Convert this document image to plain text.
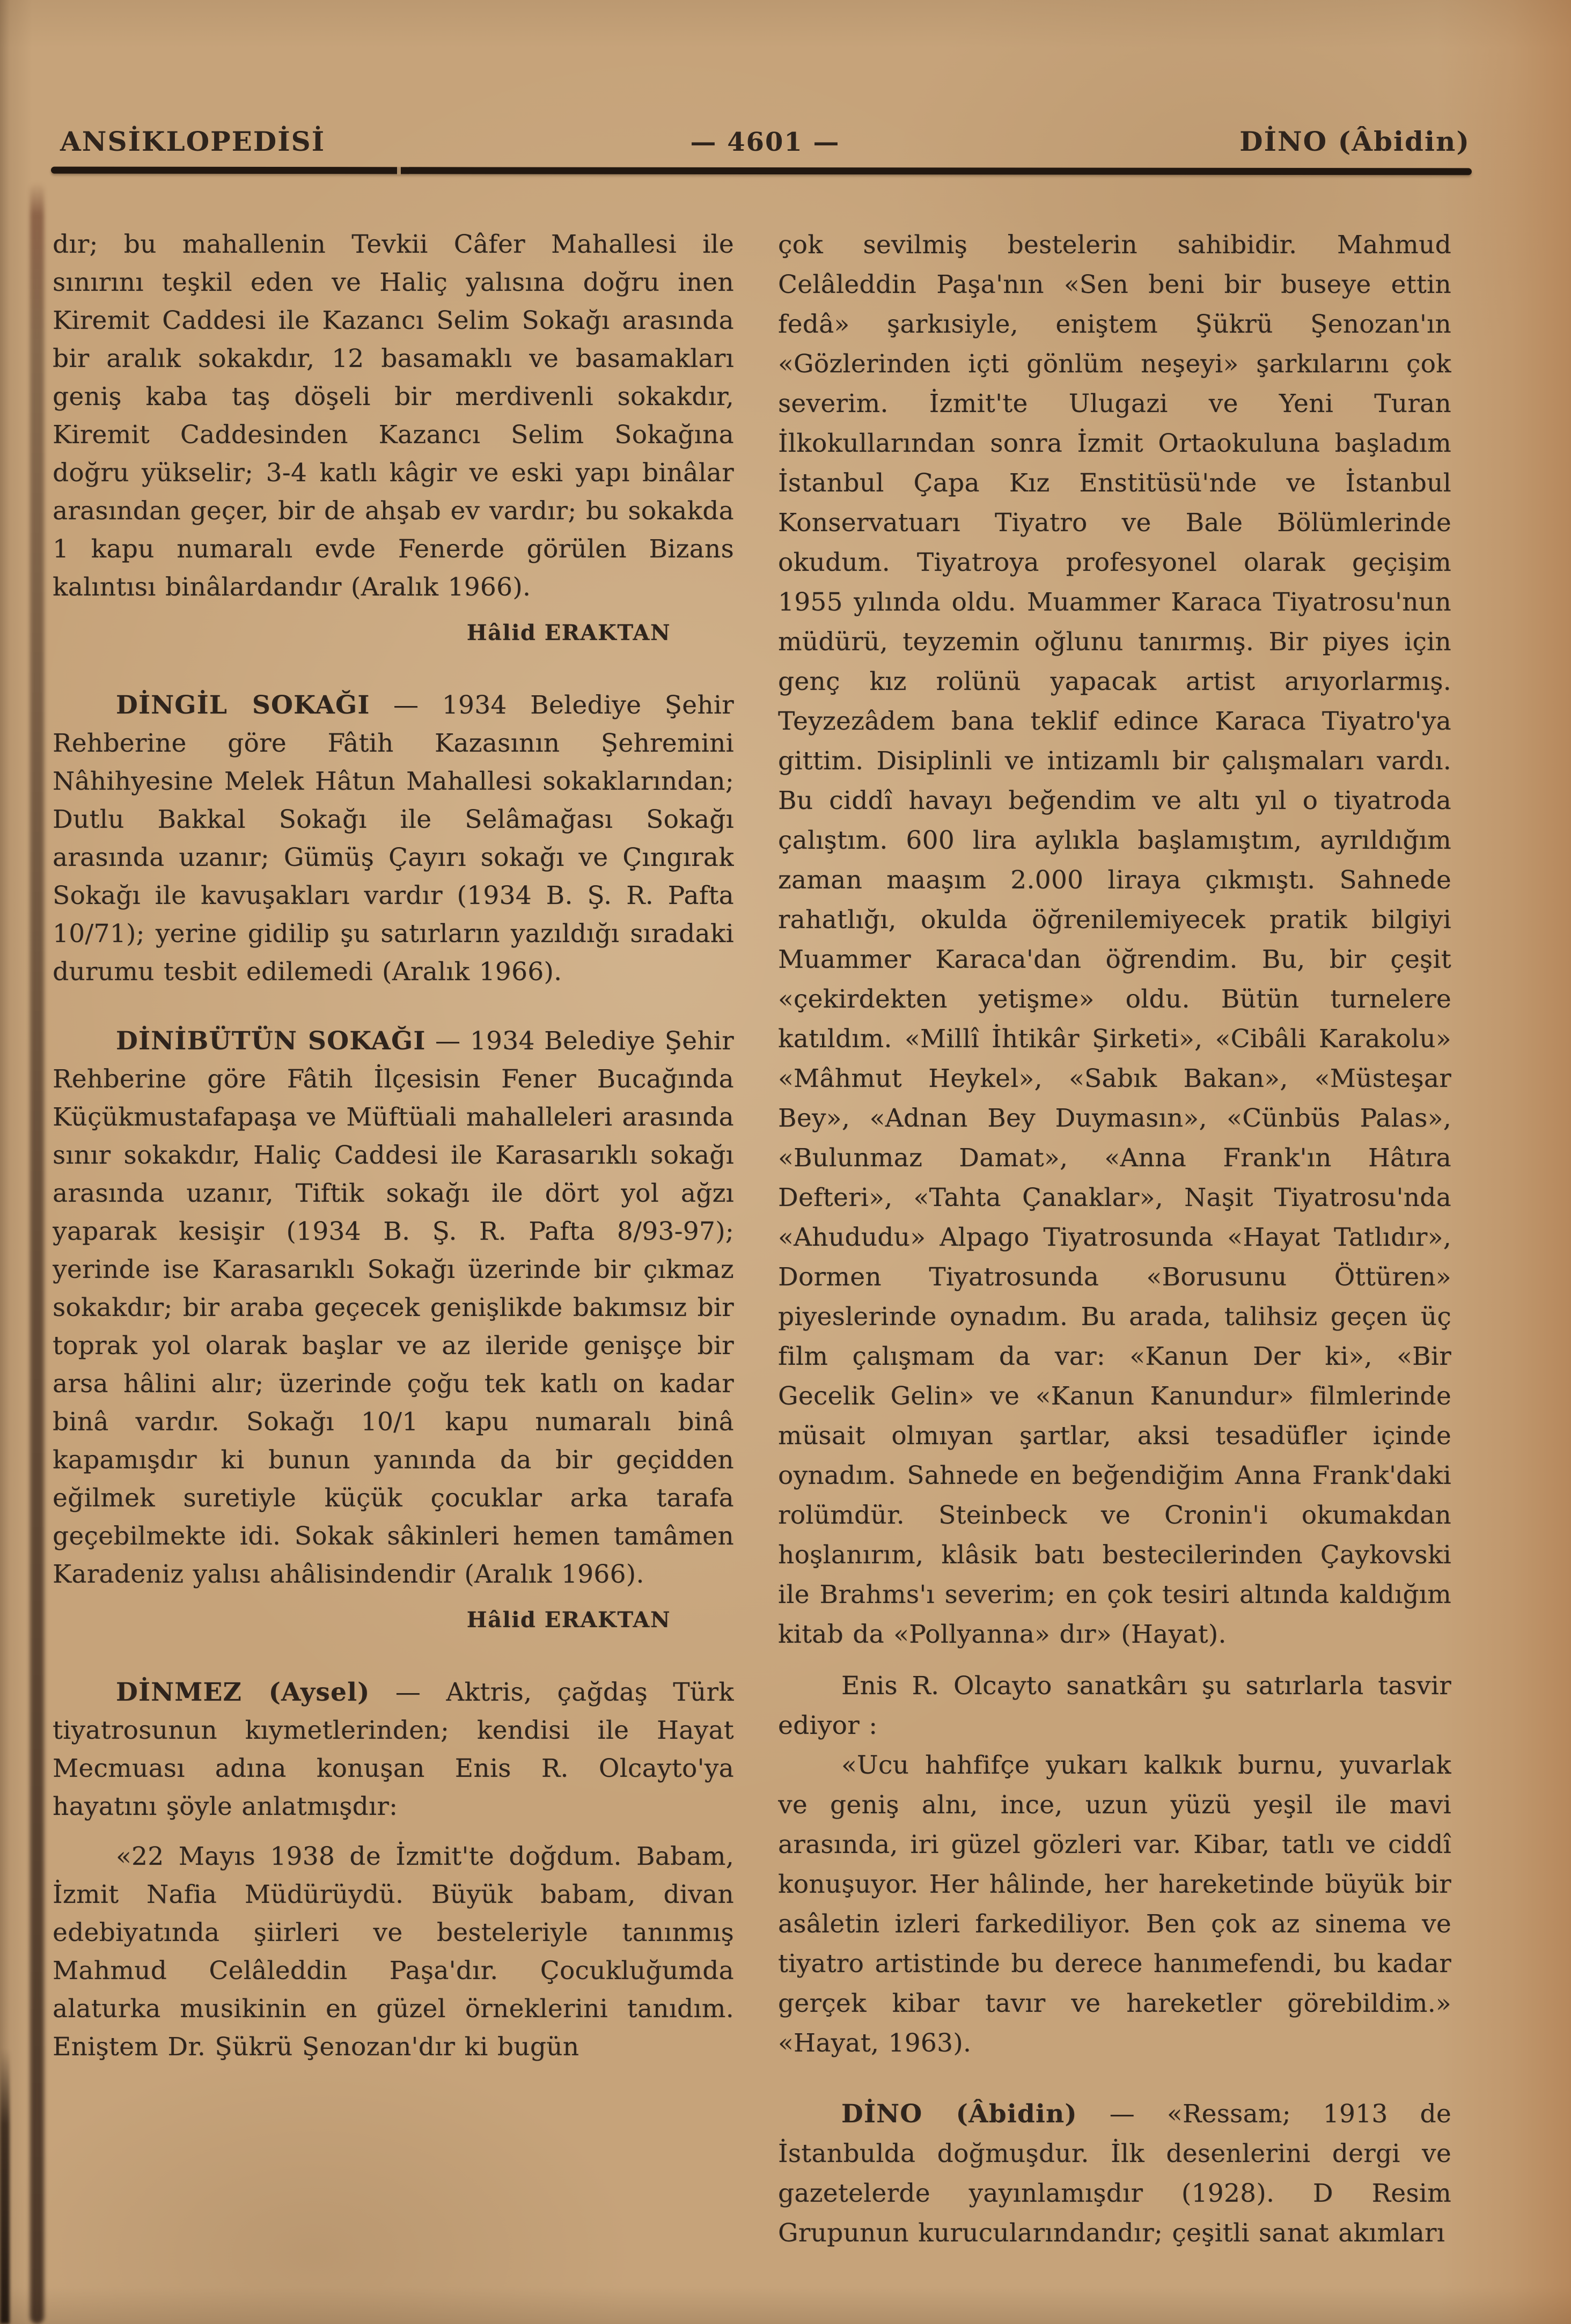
ANSİKLOPEDİSİ	— 4601 —	DİNO (Âbidin)

dır; bu mahallenin Tevkii Câfer Mahallesi ile sınırını teşkil eden ve Haliç yalısına doğru inen Kiremit Caddesi ile Kazancı Selim Sokağı arasında bir aralık sokakdır, 12 basamaklı ve basamakları geniş kaba taş döşeli bir merdivenli sokakdır, Kiremit Caddesinden Kazancı Selim Sokağına doğru yükselir; 3-4 katlı kâgir ve eski yapı binâlar arasından geçer, bir de ahşab ev vardır; bu sokakda 1 kapu numaralı evde Fenerde görülen Bizans kalıntısı binâlardandır (Aralık 1966).

Hâlid ERAKTAN

DİNGİL SOKAĞI — 1934 Belediye Şehir Rehberine göre Fâtih Kazasının Şehremini Nâhihyesine Melek Hâtun Mahallesi sokaklarından; Dutlu Bakkal Sokağı ile Selâmağası Sokağı arasında uzanır; Gümüş Çayırı sokağı ve Çıngırak Sokağı ile kavuşakları vardır (1934 B. Ş. R. Pafta 10/71); yerine gidilip şu satırların yazıldığı sıradaki durumu tesbit edilemedi (Aralık 1966).

DİNİBÜTÜN SOKAĞI — 1934 Belediye Şehir Rehberine göre Fâtih İlçesisin Fener Bucağında Küçükmustafapaşa ve Müftüali mahalleleri arasında sınır sokakdır, Haliç Caddesi ile Karasarıklı sokağı arasında uzanır, Tiftik sokağı ile dört yol ağzı yaparak kesişir (1934 B. Ş. R. Pafta 8/93-97); yerinde ise Karasarıklı Sokağı üzerinde bir çıkmaz sokakdır; bir araba geçecek genişlikde bakımsız bir toprak yol olarak başlar ve az ileride genişçe bir arsa hâlini alır; üzerinde çoğu tek katlı on kadar binâ vardır. Sokağı 10/1 kapu numaralı binâ kapamışdır ki bunun yanında da bir geçidden eğilmek suretiyle küçük çocuklar arka tarafa geçebilmekte idi. Sokak sâkinleri hemen tamâmen Karadeniz yalısı ahâlisindendir (Aralık 1966).

Hâlid ERAKTAN

DİNMEZ (Aysel) — Aktris, çağdaş Türk tiyatrosunun kıymetlerinden; kendisi ile Hayat Mecmuası adına konuşan Enis R. Olcayto'ya hayatını şöyle anlatmışdır:

«22 Mayıs 1938 de İzmit'te doğdum. Babam, İzmit Nafia Müdürüydü. Büyük babam, divan edebiyatında şiirleri ve besteleriyle tanınmış Mahmud Celâleddin Paşa'dır. Çocukluğumda alaturka musikinin en güzel örneklerini tanıdım. Eniştem Dr. Şükrü Şenozan'dır ki bugün

çok sevilmiş bestelerin sahibidir. Mahmud Celâleddin Paşa'nın «Sen beni bir buseye ettin fedâ» şarkısiyle, eniştem Şükrü Şenozan'ın «Gözlerinden içti gönlüm neşeyi» şarkılarını çok severim. İzmit'te Ulugazi ve Yeni Turan İlkokullarından sonra İzmit Ortaokuluna başladım İstanbul Çapa Kız Enstitüsü'nde ve İstanbul Konservatuarı Tiyatro ve Bale Bölümlerinde okudum. Tiyatroya profesyonel olarak geçişim 1955 yılında oldu. Muammer Karaca Tiyatrosu'nun müdürü, teyzemin oğlunu tanırmış. Bir piyes için genç kız rolünü yapacak artist arıyorlarmış. Teyzezâdem bana teklif edince Karaca Tiyatro'ya gittim. Disiplinli ve intizamlı bir çalışmaları vardı. Bu ciddî havayı beğendim ve altı yıl o tiyatroda çalıştım. 600 lira aylıkla başlamıştım, ayrıldığım zaman maaşım 2.000 liraya çıkmıştı. Sahnede rahatlığı, okulda öğrenilemiyecek pratik bilgiyi Muammer Karaca'dan öğrendim. Bu, bir çeşit «çekirdekten yetişme» oldu. Bütün turnelere katıldım. «Millî İhtikâr Şirketi», «Cibâli Karakolu» «Mâhmut Heykel», «Sabık Bakan», «Müsteşar Bey», «Adnan Bey Duymasın», «Cünbüs Palas», «Bulunmaz Damat», «Anna Frank'ın Hâtıra Defteri», «Tahta Çanaklar», Naşit Tiyatrosu'nda «Ahududu» Alpago Tiyatrosunda «Hayat Tatlıdır», Dormen Tiyatrosunda «Borusunu Öttüren» piyeslerinde oynadım. Bu arada, talihsiz geçen üç film çalışmam da var: «Kanun Der ki», «Bir Gecelik Gelin» ve «Kanun Kanundur» filmlerinde müsait olmıyan şartlar, aksi tesadüfler içinde oynadım. Sahnede en beğendiğim Anna Frank'daki rolümdür. Steinbeck ve Cronin'i okumakdan hoşlanırım, klâsik batı bestecilerinden Çaykovski ile Brahms'ı severim; en çok tesiri altında kaldığım kitab da «Pollyanna» dır» (Hayat).

Enis R. Olcayto sanatkârı şu satırlarla tasvir ediyor :

«Ucu hahfifçe yukarı kalkık burnu, yuvarlak ve geniş alnı, ince, uzun yüzü yeşil ile mavi arasında, iri güzel gözleri var. Kibar, tatlı ve ciddî konuşuyor. Her hâlinde, her hareketinde büyük bir asâletin izleri farkediliyor. Ben çok az sinema ve tiyatro artistinde bu derece hanımefendi, bu kadar gerçek kibar tavır ve hareketler görebildim.» «Hayat, 1963).

DİNO (Âbidin) — «Ressam; 1913 de İstanbulda doğmuşdur. İlk desenlerini dergi ve gazetelerde yayınlamışdır (1928). D Resim Grupunun kurucularındandır; çeşitli sanat akımları
